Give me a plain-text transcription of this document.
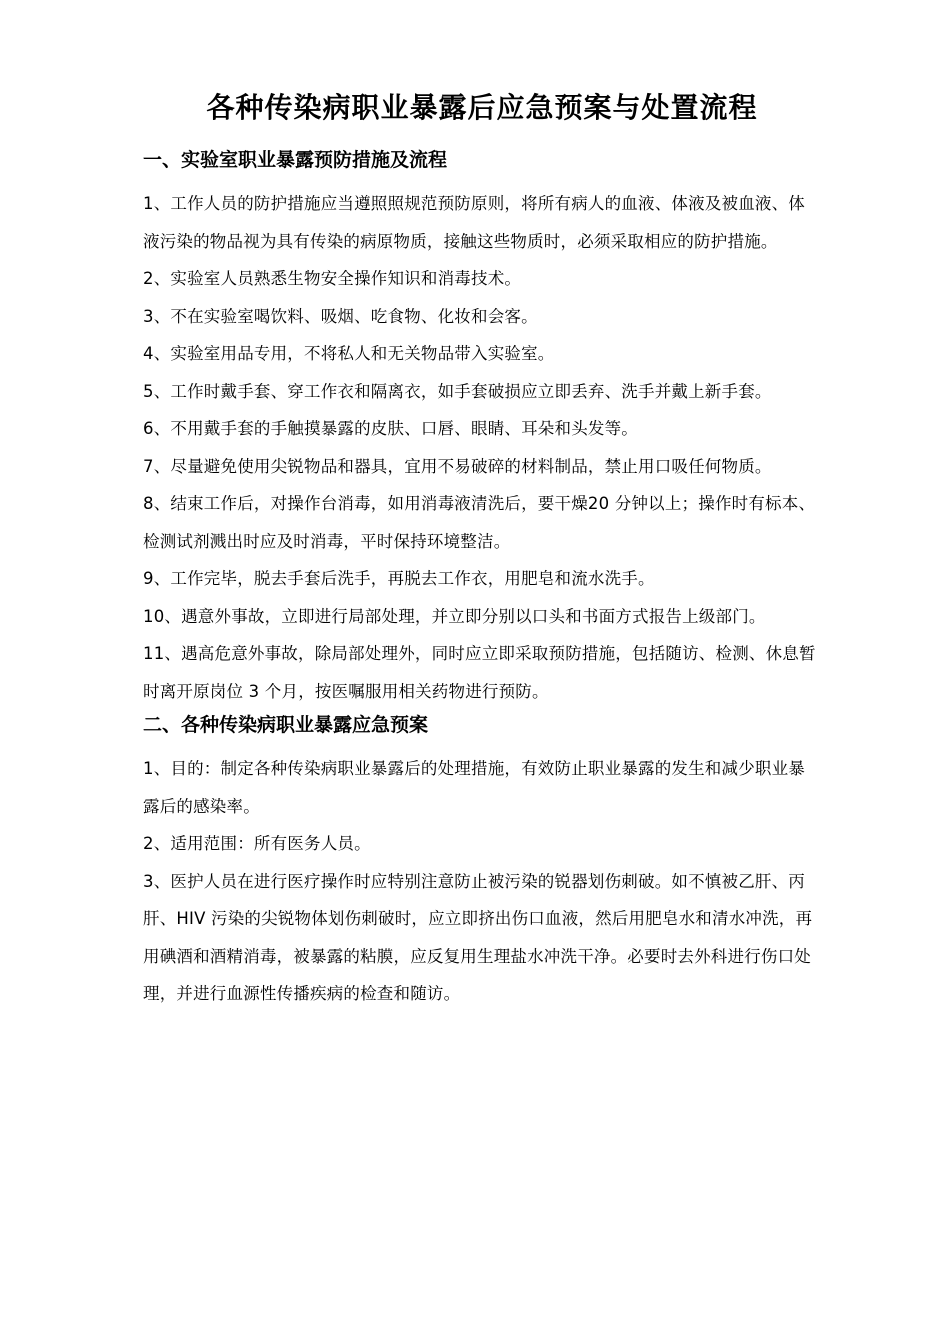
各种传染病职业暴露后应急预案与处置流程
一、实验室职业暴露预防措施及流程

1、工作人员的防护措施应当遵照照规范预防原则，将所有病人的血液、体液及被血液、体液污染的物品视为具有传染的病原物质，接触这些物质时，必须采取相应的防护措施。

2、实验室人员熟悉生物安全操作知识和消毒技术。

3、不在实验室喝饮料、吸烟、吃食物、化妆和会客。

4、实验室用品专用，不将私人和无关物品带入实验室。

5、工作时戴手套、穿工作衣和隔离衣，如手套破损应立即丢弃、洗手并戴上新手套。

6、不用戴手套的手触摸暴露的皮肤、口唇、眼睛、耳朵和头发等。

7、尽量避免使用尖锐物品和器具，宜用不易破碎的材料制品，禁止用口吸任何物质。

8、结束工作后，对操作台消毒，如用消毒液清洗后，要干燥20 分钟以上；操作时有标本、检测试剂溅出时应及时消毒，平时保持环境整洁。

9、工作完毕，脱去手套后洗手，再脱去工作衣，用肥皂和流水洗手。

10、遇意外事故，立即进行局部处理，并立即分别以口头和书面方式报告上级部门。

11、遇高危意外事故，除局部处理外，同时应立即采取预防措施，包括随访、检测、休息暂时离开原岗位 3 个月，按医嘱服用相关药物进行预防。

二、各种传染病职业暴露应急预案

1、目的：制定各种传染病职业暴露后的处理措施，有效防止职业暴露的发生和减少职业暴露后的感染率。

2、适用范围：所有医务人员。

3、医护人员在进行医疗操作时应特别注意防止被污染的锐器划伤刺破。如不慎被乙肝、丙肝、HIV 污染的尖锐物体划伤刺破时，应立即挤出伤口血液，然后用肥皂水和清水冲洗，再用碘酒和酒精消毒，被暴露的粘膜，应反复用生理盐水冲洗干净。必要时去外科进行伤口处理，并进行血源性传播疾病的检查和随访。
